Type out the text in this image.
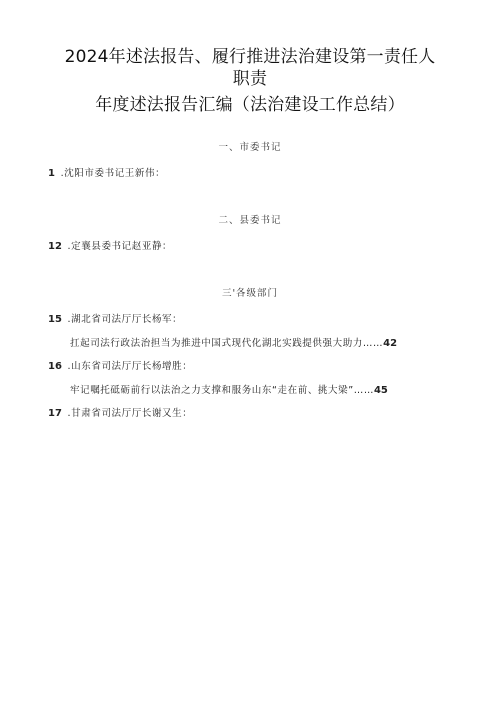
2024年述法报告、履行推进法治建设第一责任人
职责
年度述法报告汇编（法治建设工作总结）
一、市委书记
1 .沈阳市委书记王新伟：
二、县委书记
12 .定襄县委书记赵亚静：
三'各级部门
15 .湖北省司法厅厅长杨军：
扛起司法行政法治担当为推进中国式现代化湖北实践提供强大助力……42
16 .山东省司法厅厅长杨增胜：
牢记嘱托砥砺前行以法治之力支撑和服务山东“走在前、挑大梁”……45
17 .甘肃省司法厅厅长谢又生：
